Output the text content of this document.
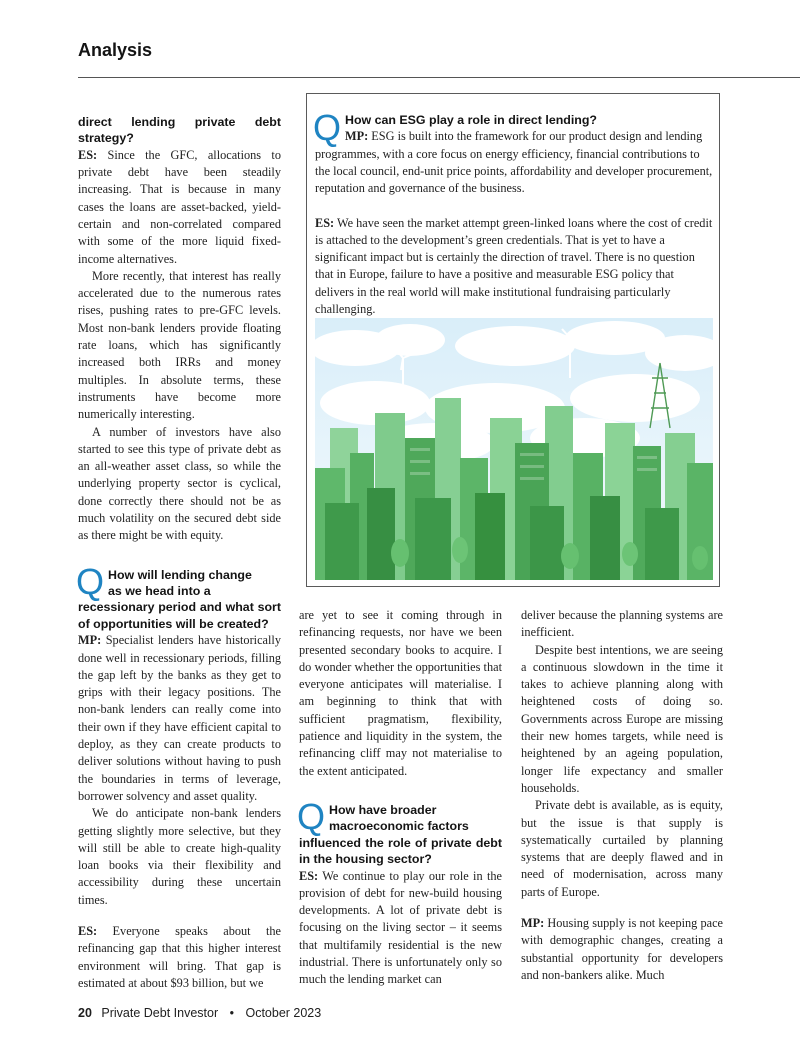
Analysis
direct lending private debt strategy?

ES: Since the GFC, allocations to private debt have been steadily increasing. That is because in many cases the loans are asset-backed, yield-certain and non-correlated compared with some of the more liquid fixed-income alternatives.

More recently, that interest has really accelerated due to the numerous rates rises, pushing rates to pre-GFC levels. Most non-bank lenders provide floating rate loans, which has significantly increased both IRRs and money multiples. In absolute terms, these instruments have become more numerically interesting.

A number of investors have also started to see this type of private debt as an all-weather asset class, so while the underlying property sector is cyclical, done correctly there should not be as much volatility on the secured debt side as there might be with equity.

Q How will lending change
as we head into a
recessionary period and what sort of opportunities will be created?

MP: Specialist lenders have historically done well in recessionary periods, filling the gap left by the banks as they get to grips with their legacy positions. The non-bank lenders can really come into their own if they have efficient capital to deploy, as they can create products to deliver solutions without having to push the boundaries in terms of leverage, borrower solvency and asset quality.

We do anticipate non-bank lenders getting slightly more selective, but they will still be able to create high-quality loan books via their flexibility and accessibility during these uncertain times.

ES: Everyone speaks about the refinancing gap that this higher interest environment will bring. That gap is estimated at about $93 billion, but we

Q How can ESG play a role in direct lending?

MP: ESG is built into the framework for our product design and lending programmes, with a core focus on energy efficiency, financial contributions to the local council, end-unit price points, affordability and developer procurement, reputation and governance of the business.

ES: We have seen the market attempt green-linked loans where the cost of credit is attached to the development’s green credentials. That is yet to have a significant impact but is certainly the direction of travel. There is no question that in Europe, failure to have a positive and measurable ESG policy that delivers in the real world will make institutional fundraising particularly challenging.

are yet to see it coming through in refinancing requests, nor have we been presented secondary books to acquire. I do wonder whether the opportunities that everyone anticipates will materialise. I am beginning to think that with sufficient pragmatism, flexibility, patience and liquidity in the system, the refinancing cliff may not materialise to the extent anticipated.

Q How have broader
macroeconomic factors
influenced the role of private debt in the housing sector?

ES: We continue to play our role in the provision of debt for new-build housing developments. A lot of private debt is focusing on the living sector – it seems that multifamily residential is the new industrial. There is unfortunately only so much the lending market can

deliver because the planning systems are inefficient.

Despite best intentions, we are seeing a continuous slowdown in the time it takes to achieve planning along with heightened costs of doing so. Governments across Europe are missing their new homes targets, while need is heightened by an ageing population, longer life expectancy and smaller households.

Private debt is available, as is equity, but the issue is that supply is systematically curtailed by planning systems that are deeply flawed and in need of modernisation, across many parts of Europe.

MP: Housing supply is not keeping pace with demographic changes, creating a substantial opportunity for developers and non-bankers alike. Much

20 Private Debt Investor • October 2023
